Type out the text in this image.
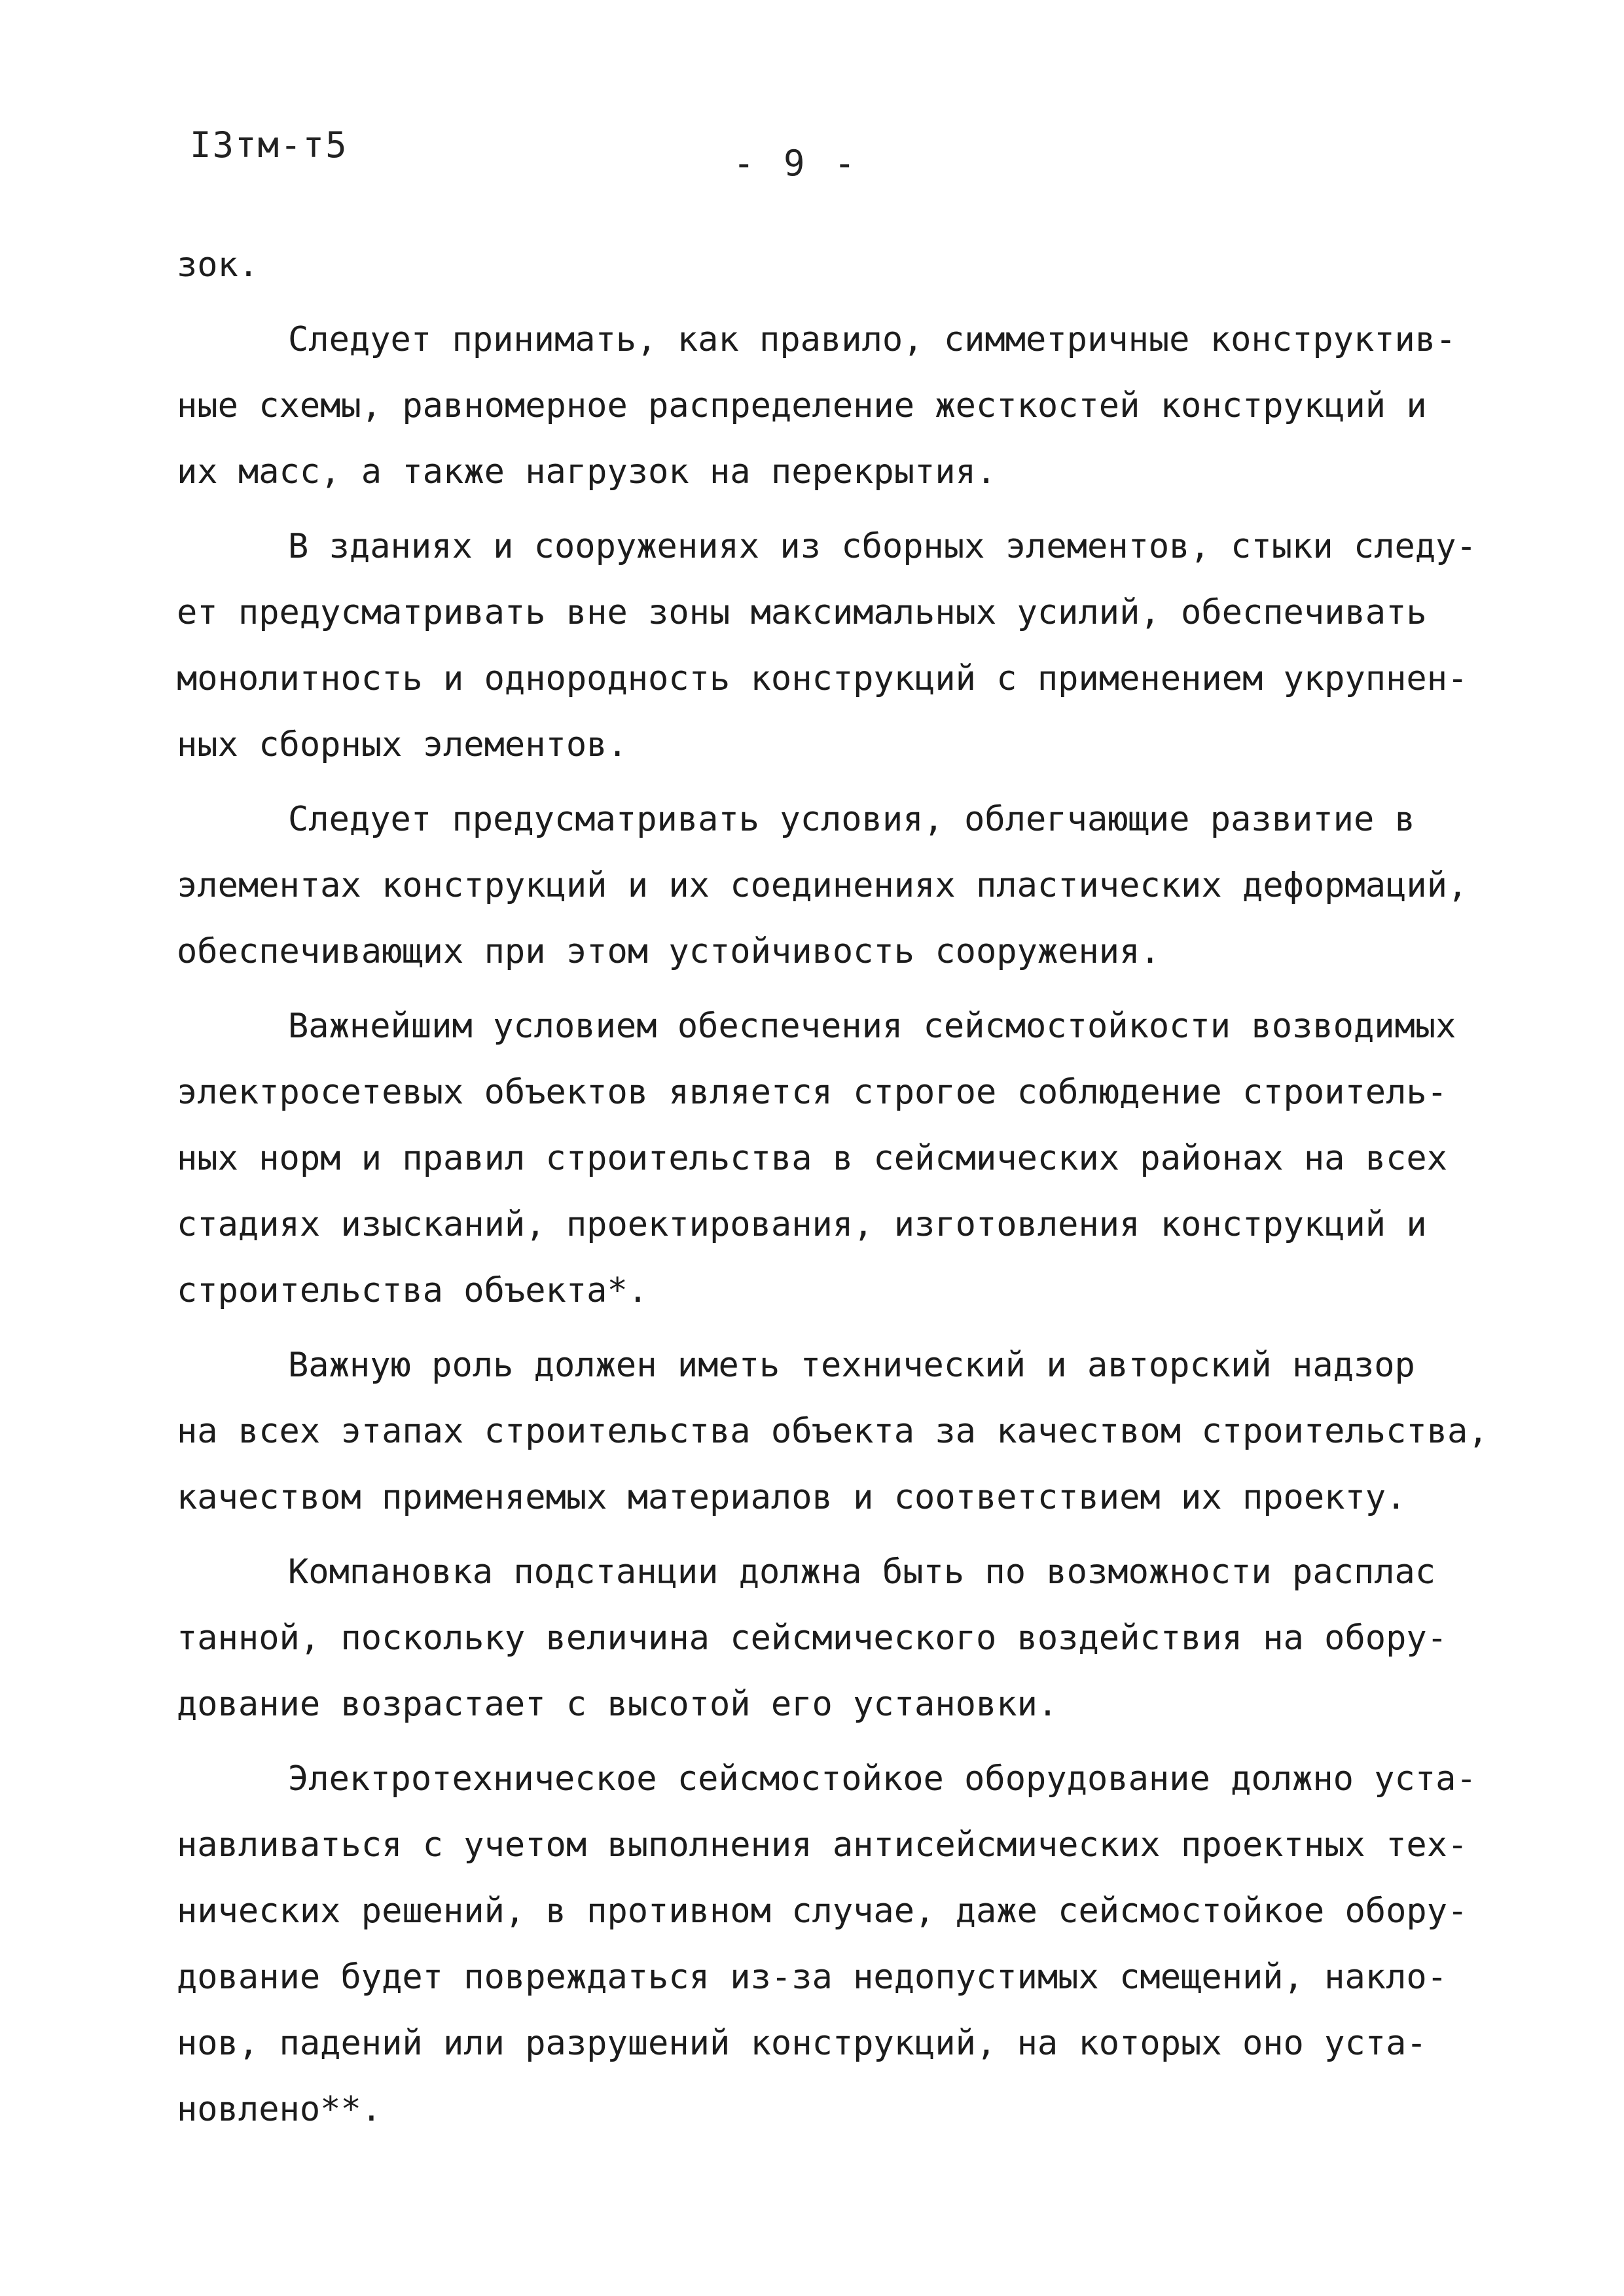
I3тм-т5	- 9 -
зок.
Следует принимать, как правило, симметричные конструктив-
ные схемы, равномерное распределение жесткостей конструкций и
их масс, а также нагрузок на перекрытия.
В зданиях и сооружениях из сборных элементов, стыки следу-
ет предусматривать вне зоны максимальных усилий, обеспечивать
монолитность и однородность конструкций с применением укрупнен-
ных сборных элементов.
Следует предусматривать условия, облегчающие развитие в
элементах конструкций и их соединениях пластических деформаций,
обеспечивающих при этом устойчивость сооружения.
Важнейшим условием обеспечения сейсмостойкости возводимых
электросетевых объектов является строгое соблюдение строитель-
ных норм и правил строительства в сейсмических районах на всех
стадиях изысканий, проектирования, изготовления конструкций и
строительства объекта*.
Важную роль должен иметь технический и авторский надзор
на всех этапах строительства объекта за качеством строительства,
качеством применяемых материалов и соответствием их проекту.
Компановка подстанции должна быть по возможности расплас
танной, поскольку величина сейсмического воздействия на обору-
дование возрастает с высотой его установки.
Электротехническое сейсмостойкое оборудование должно уста-
навливаться с учетом выполнения антисейсмических проектных тех-
нических решений, в противном случае, даже сейсмостойкое обору-
дование будет повреждаться из-за недопустимых смещений, накло-
нов, падений или разрушений конструкций, на которых оно уста-
новлено**.
